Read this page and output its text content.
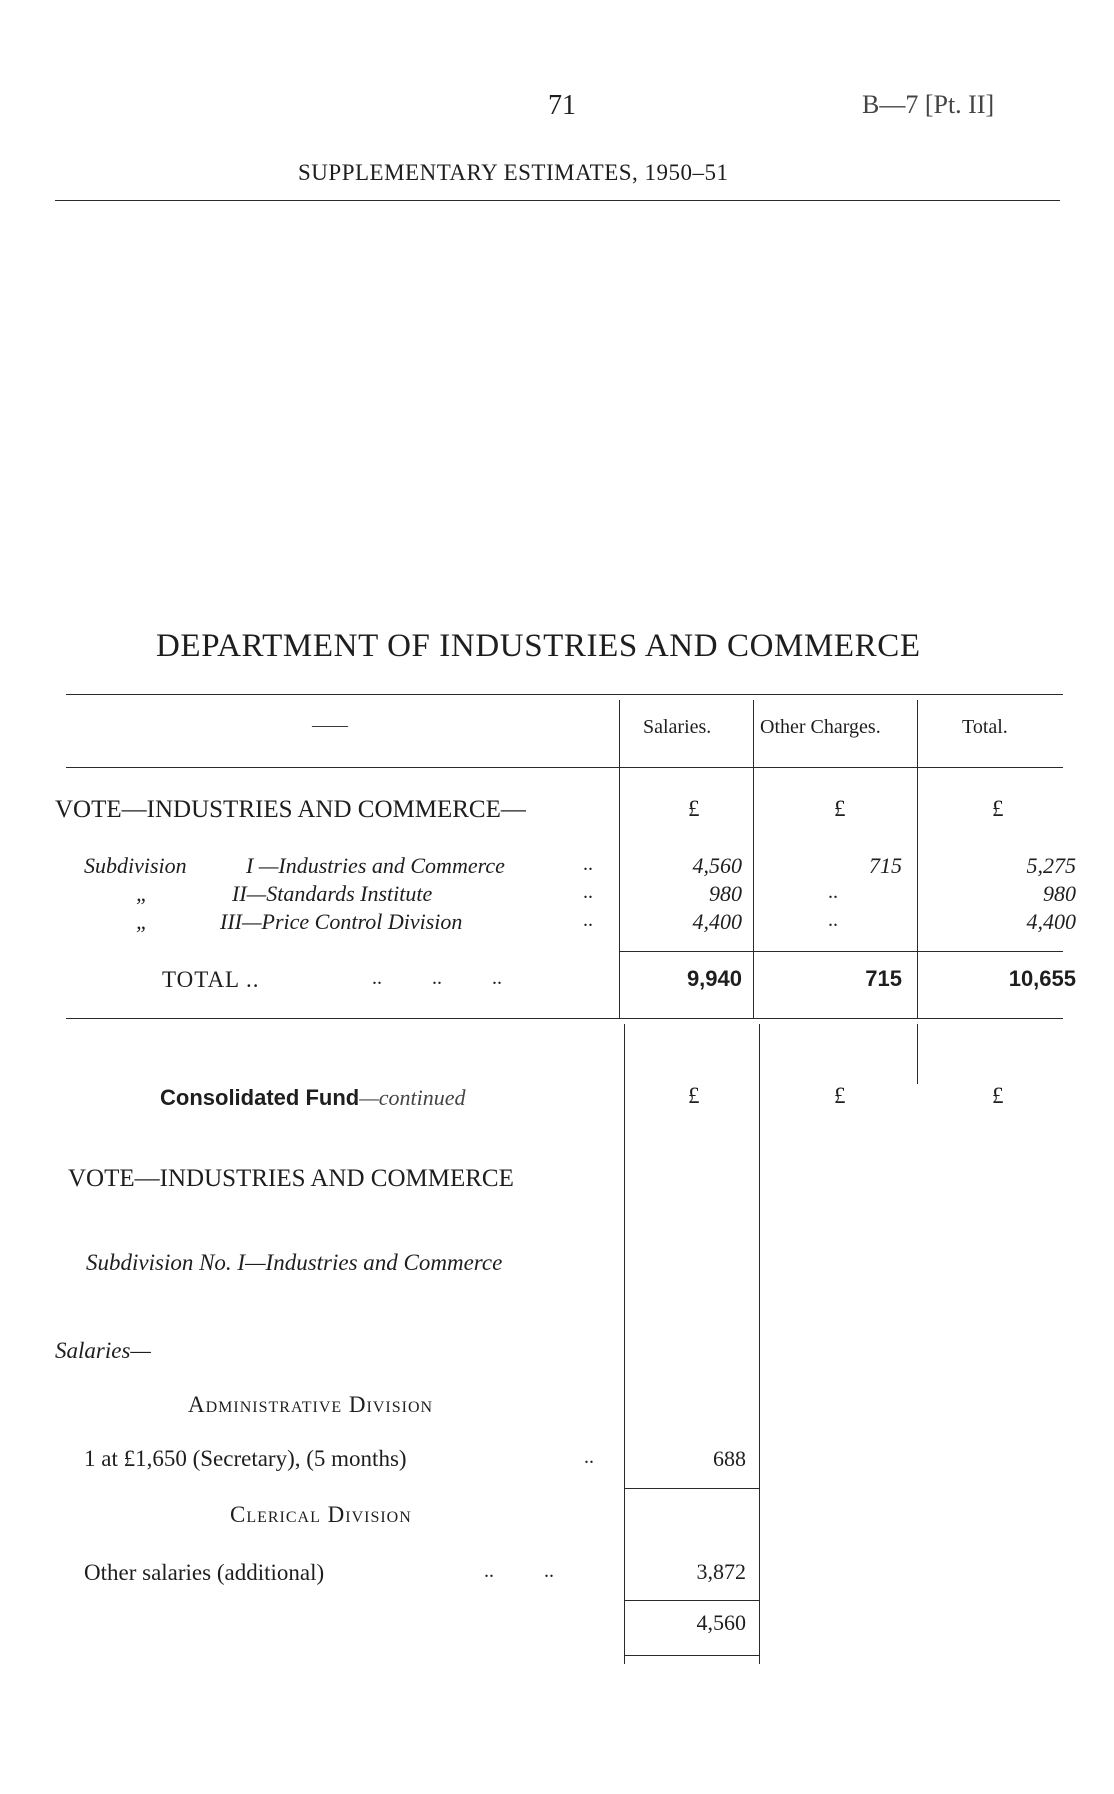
71	B—7 [Pt. II]
SUPPLEMENTARY ESTIMATES, 1950–51
DEPARTMENT OF INDUSTRIES AND COMMERCE
——	Salaries. Other Charges.	Total.
VOTE—INDUSTRIES AND COMMERCE—	£	£	£
Subdivision	I —Industries and Commerce	..	4,560	715	5,275
„	II—Standards Institute	..	980	..	980
„	III—Price Control Division	..	4,400	..	4,400
TOTAL ..	..          ..          ..	9,940	715	10,655
Consolidated Fund—continued	£	£	£
VOTE—INDUSTRIES AND COMMERCE
Subdivision No. I—Industries and Commerce
Salaries—
Administrative Division
1 at £1,650 (Secretary), (5 months)	..	688
Clerical Division
Other salaries (additional)	..          ..	3,872
4,560
